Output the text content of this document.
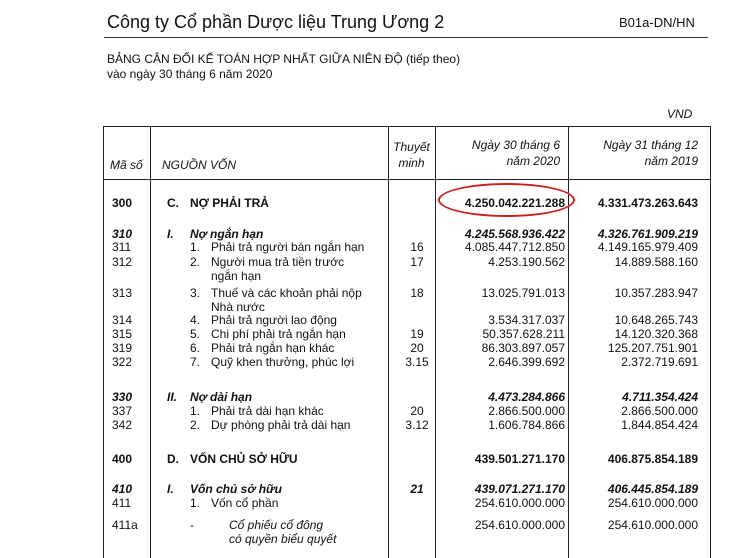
Công ty Cổ phần Dược liệu Trung Ương 2	B01a-DN/HN
BẢNG CÂN ĐỐI KẾ TOÁN HỢP NHẤT GIỮA NIÊN ĐỘ (tiếp theo)
vào ngày 30 tháng 6 năm 2020
VND
Mã số NGUỒN VỐN
Thuyết
minh
Ngày 30 tháng 6
năm 2020
Ngày 31 tháng 12
năm 2019
300	C. NỢ PHẢI TRẢ	4.250.042.221.288	4.331.473.263.643
310	I. Nợ ngắn hạn	4.245.568.936.422	4.326.761.909.219
311	1. Phải trả người bán ngắn hạn	16	4.085.447.712.850	4.149.165.979.409
312	2. Người mua trả tiền trước	17	4.253.190.562	14.889.588.160
ngắn hạn
313	3. Thuế và các khoản phải nộp	18	13.025.791.013	10.357.283.947
Nhà nước
314	4. Phải trả người lao động	3.534.317.037	10.648.265.743
315	5. Chi phí phải trả ngắn hạn	19	50.357.628.211	14.120.320.368
319	6. Phải trả ngắn hạn khác	20	86.303.897.057	125.207.751.901
322	7. Quỹ khen thưởng, phúc lợi	3.15	2.646.399.692	2.372.719.691
330	II. Nợ dài hạn	4.473.284.866	4.711.354.424
337	1. Phải trả dài hạn khác	20	2.866.500.000	2.866.500.000
342	2. Dự phòng phải trả dài hạn	3.12	1.606.784.866	1.844.854.424
400	D. VỐN CHỦ SỞ HỮU	439.501.271.170	406.875.854.189
410	I. Vốn chủ sở hữu	21	439.071.271.170	406.445.854.189
411	1. Vốn cổ phần	254.610.000.000	254.610.000.000
411a	-	Cổ phiếu cổ đông	254.610.000.000	254.610.000.000
có quyền biểu quyết
